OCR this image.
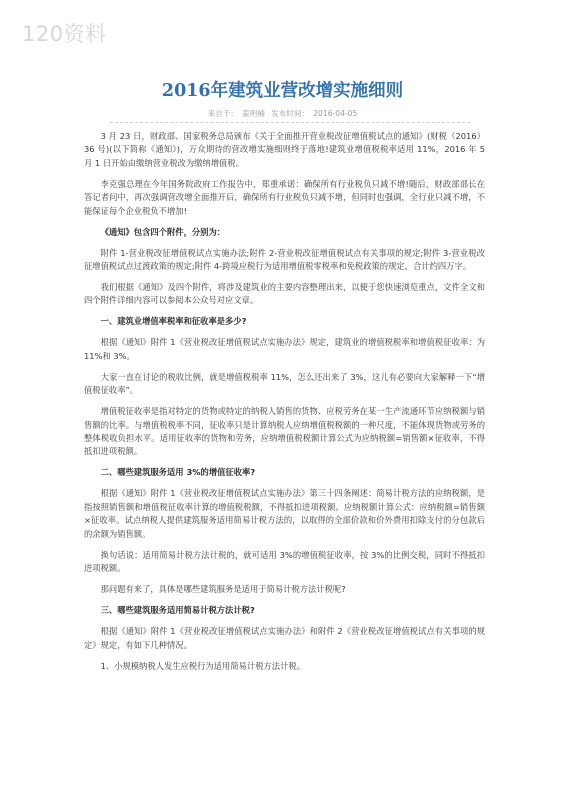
120资料
2016年建筑业营改增实施细则
来自于： 姜明楠 发布时间： 2016-04-05

3 月 23 日，财政部、国家税务总局颁布《关于全面推开营业税改征增值税试点的通知》(财税（2016）36 号)(以下简称《通知》)，万众期待的营改增实施细则终于落地!建筑业增值税税率适用 11%，2016 年 5 月 1 日开始由缴纳营业税改为缴纳增值税。

李克强总理在今年国务院政府工作报告中，郑重承诺：确保所有行业税负只减不增!随后，财政部部长在答记者问中，再次强调营改增全面推开后，确保所有行业税负只减不增，但同时也强调，全行业只减不增，不能保证每个企业税负不增加!

《通知》包含四个附件，分别为：

附件 1-营业税改征增值税试点实施办法;附件 2-营业税改征增值税试点有关事项的规定;附件 3-营业税改征增值税试点过渡政策的规定;附件 4-跨境应税行为适用增值税零税率和免税政策的规定，合计约四万字。

我们根据《通知》及四个附件，将涉及建筑业的主要内容整理出来，以便于您快速浏览重点，文件全文和四个附件详细内容可以参阅本公众号对应文章。

一、建筑业增值率税率和征收率是多少?

根据《通知》附件 1《营业税改征增值税试点实施办法》规定，建筑业的增值税税率和增值税征收率：为 11%和 3%。

大家一直在讨论的税收比例，就是增值税税率 11%，怎么还出来了 3%，这儿有必要向大家解释一下“增值税征收率”。

增值税征收率是指对特定的货物或特定的纳税人销售的货物、应税劳务在某一生产流通环节应纳税额与销售额的比率。与增值税税率不同，征收率只是计算纳税人应纳增值税税额的一种尺度，不能体现货物或劳务的整体税收负担水平。适用征收率的货物和劳务，应纳增值税税额计算公式为应纳税额=销售额×征收率，不得抵扣进项税额。

二、哪些建筑服务适用 3%的增值征收率?

根据《通知》附件 1《营业税改征增值税试点实施办法》第三十四条阐述：简易计税方法的应纳税额，是指按照销售额和增值税征收率计算的增值税税额，不得抵扣进项税额。应纳税额计算公式：应纳税额=销售额×征收率。试点纳税人提供建筑服务适用简易计税方法的，以取得的全部价款和价外费用扣除支付的分包款后的余额为销售额。

换句话说：适用简易计税方法计税的，就可适用 3%的增值税征收率，按 3%的比例交税，同时不得抵扣进项税额。

那问题有来了，具体是哪些建筑服务是适用于简易计税方法计税呢?

三、哪些建筑服务适用简易计税方法计税?

根据《通知》附件 1《营业税改征增值税试点实施办法》和附件 2《营业税改征增值税试点有关事项的规定》规定，有如下几种情况。

1、小规模纳税人发生应税行为适用简易计税方法计税。
